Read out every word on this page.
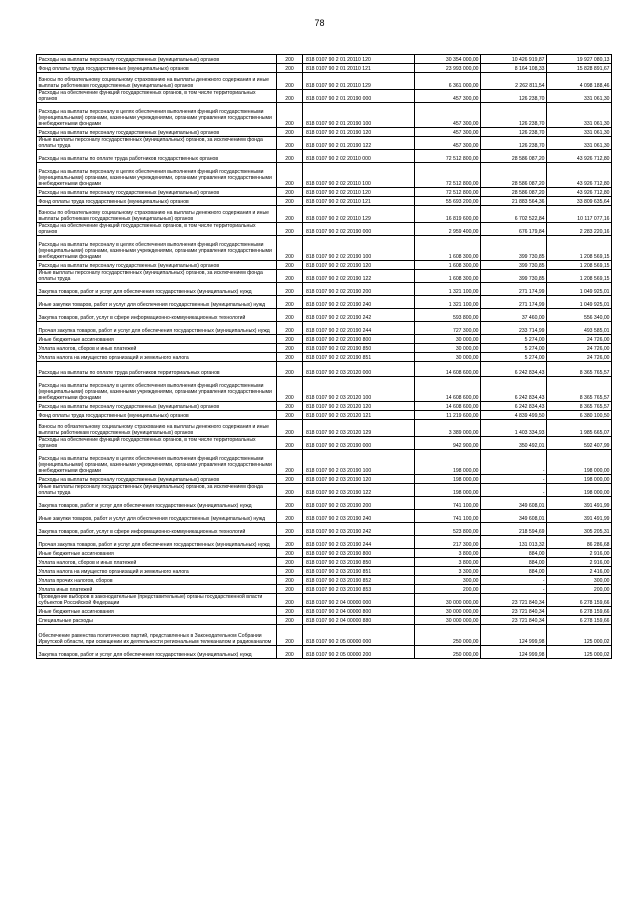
78
Расходы на выплаты персоналу государственных (муниципальных) органов	200	818 0107 90 2 01 20110 120	30 354 000,00	10 426 919,87	19 927 080,13
Фонд оплаты труда государственных (муниципальных) органов	200	818 0107 90 2 01 20110 121	23 993 000,00	8 164 108,33	15 828 891,67
Взносы по обязательному социальному страхованию на выплаты денежного содержания и иные выплаты работникам государственных (муниципальных) органов	200	818 0107 90 2 01 20110 129	6 361 000,00	2 262 811,54	4 098 188,46
Расходы на обеспечение функций государственных органов, в том числе территориальных органов	200	818 0107 90 2 01 20190 000	457 300,00	126 238,70	331 061,30
Расходы на выплаты персоналу в целях обеспечения выполнения функций государственными (муниципальными) органами, казенными учреждениями, органами управления государственными внебюджетными фондами	200	818 0107 90 2 01 20190 100	457 300,00	126 238,70	331 061,30
Расходы на выплаты персоналу государственных (муниципальных) органов	200	818 0107 90 2 01 20190 120	457 300,00	126 238,70	331 061,30
Иные выплаты персоналу государственных (муниципальных) органов, за исключением фонда оплаты труда	200	818 0107 90 2 01 20190 122	457 300,00	126 238,70	331 061,30
Расходы на выплаты по оплате труда работников государственных органов	200	818 0107 90 2 02 20110 000	72 512 800,00	28 586 087,20	43 926 712,80
Расходы на выплаты персоналу в целях обеспечения выполнения функций государственными (муниципальными) органами, казенными учреждениями, органами управления государственными внебюджетными фондами	200	818 0107 90 2 02 20110 100	72 512 800,00	28 586 087,20	43 926 712,80
Расходы на выплаты персоналу государственных (муниципальных) органов	200	818 0107 90 2 02 20110 120	72 512 800,00	28 586 087,20	43 926 712,80
Фонд оплаты труда государственных (муниципальных) органов	200	818 0107 90 2 02 20110 121	55 693 200,00	21 883 564,36	33 809 635,64
Взносы по обязательному социальному страхованию на выплаты денежного содержания и иные выплаты работникам государственных (муниципальных) органов	200	818 0107 90 2 02 20110 129	16 819 600,00	6 702 522,84	10 117 077,16
Расходы на обеспечение функций государственных органов, в том числе территориальных органов	200	818 0107 90 2 02 20190 000	2 959 400,00	676 179,84	2 283 220,16
Расходы на выплаты персоналу в целях обеспечения выполнения функций государственными (муниципальными) органами, казенными учреждениями, органами управления государственными внебюджетными фондами	200	818 0107 90 2 02 20190 100	1 608 300,00	399 730,85	1 208 569,15
Расходы на выплаты персоналу государственных (муниципальных) органов	200	818 0107 90 2 02 20190 120	1 608 300,00	399 730,85	1 208 569,15
Иные выплаты персоналу государственных (муниципальных) органов, за исключением фонда оплаты труда	200	818 0107 90 2 02 20190 122	1 608 300,00	399 730,85	1 208 569,15
Закупка товаров, работ и услуг для обеспечения государственных (муниципальных) нужд	200	818 0107 90 2 02 20190 200	1 321 100,00	271 174,99	1 049 925,01
Иные закупки товаров, работ и услуг для обеспечения государственных (муниципальных) нужд	200	818 0107 90 2 02 20190 240	1 321 100,00	271 174,99	1 049 925,01
Закупка товаров, работ, услуг в сфере информационно-коммуникационных технологий	200	818 0107 90 2 02 20190 242	593 800,00	37 460,00	556 340,00
Прочая закупка товаров, работ и услуг для обеспечения государственных (муниципальных) нужд	200	818 0107 90 2 02 20190 244	727 300,00	233 714,99	493 585,01
Иные бюджетные ассигнования	200	818 0107 90 2 02 20190 800	30 000,00	5 274,00	24 726,00
Уплата налогов, сборов и иных платежей	200	818 0107 90 2 02 20190 850	30 000,00	5 274,00	24 726,00
Уплата налога на имущество организаций и земельного налога	200	818 0107 90 2 02 20190 851	30 000,00	5 274,00	24 726,00
Расходы на выплаты по оплате труда работников территориальных органов	200	818 0107 90 2 03 20120 000	14 608 600,00	6 242 834,43	8 365 765,57
Расходы на выплаты персоналу в целях обеспечения выполнения функций государственными (муниципальными) органами, казенными учреждениями, органами управления государственными внебюджетными фондами	200	818 0107 90 2 03 20120 100	14 608 600,00	6 242 834,43	8 365 765,57
Расходы на выплаты персоналу государственных (муниципальных) органов	200	818 0107 90 2 03 20120 120	14 608 600,00	6 242 834,43	8 365 765,57
Фонд оплаты труда государственных (муниципальных) органов	200	818 0107 90 2 03 20120 121	11 219 600,00	4 839 499,50	6 380 100,50
Взносы по обязательному социальному страхованию на выплаты денежного содержания и иные выплаты работникам государственных (муниципальных) органов	200	818 0107 90 2 03 20120 129	3 389 000,00	1 403 334,93	1 985 665,07
Расходы на обеспечение функций государственных органов, в том числе территориальных органов	200	818 0107 90 2 03 20190 000	942 900,00	350 492,01	592 407,99
Расходы на выплаты персоналу в целях обеспечения выполнения функций государственными (муниципальными) органами, казенными учреждениями, органами управления государственными внебюджетными фондами	200	818 0107 90 2 03 20190 100	198 000,00	-	198 000,00
Расходы на выплаты персоналу государственных (муниципальных) органов	200	818 0107 90 2 03 20190 120	198 000,00	-	198 000,00
Иные выплаты персоналу государственных (муниципальных) органов, за исключением фонда оплаты труда	200	818 0107 90 2 03 20190 122	198 000,00	-	198 000,00
Закупка товаров, работ и услуг для обеспечения государственных (муниципальных) нужд	200	818 0107 90 2 03 20190 200	741 100,00	349 608,01	391 491,99
Иные закупки товаров, работ и услуг для обеспечения государственных (муниципальных) нужд	200	818 0107 90 2 03 20190 240	741 100,00	349 608,01	391 491,99
Закупка товаров, работ, услуг в сфере информационно-коммуникационных технологий	200	818 0107 90 2 03 20190 242	523 800,00	218 594,69	305 205,31
Прочая закупка товаров, работ и услуг для обеспечения государственных (муниципальных) нужд	200	818 0107 90 2 03 20190 244	217 300,00	131 013,32	86 286,68
Иные бюджетные ассигнования	200	818 0107 90 2 03 20190 800	3 800,00	884,00	2 916,00
Уплата налогов, сборов и иных платежей	200	818 0107 90 2 03 20190 850	3 800,00	884,00	2 916,00
Уплата налога на имущество организаций и земельного налога	200	818 0107 90 2 03 20190 851	3 300,00	884,00	2 416,00
Уплата прочих налогов, сборов	200	818 0107 90 2 03 20190 852	300,00	-	300,00
Уплата иных платежей	200	818 0107 90 2 03 20190 853	200,00	-	200,00
Проведение выборов в законодательные (представительные) органы государственной власти субъектов Российской Федерации	200	818 0107 90 2 04 00000 000	30 000 000,00	23 721 840,34	6 278 159,66
Иные бюджетные ассигнования	200	818 0107 90 2 04 00000 800	30 000 000,00	23 721 840,34	6 278 159,66
Специальные расходы	200	818 0107 90 2 04 00000 880	30 000 000,00	23 721 840,34	6 278 159,66
Обеспечение равенства политических партий, представленных в Законодательном Собрании Иркутской области, при освещении их деятельности региональным телеканалом и радиоканалом	200	818 0107 90 2 05 00000 000	250 000,00	124 999,98	125 000,02
Закупка товаров, работ и услуг для обеспечения государственных (муниципальных) нужд	200	818 0107 90 2 05 00000 200	250 000,00	124 999,98	125 000,02
